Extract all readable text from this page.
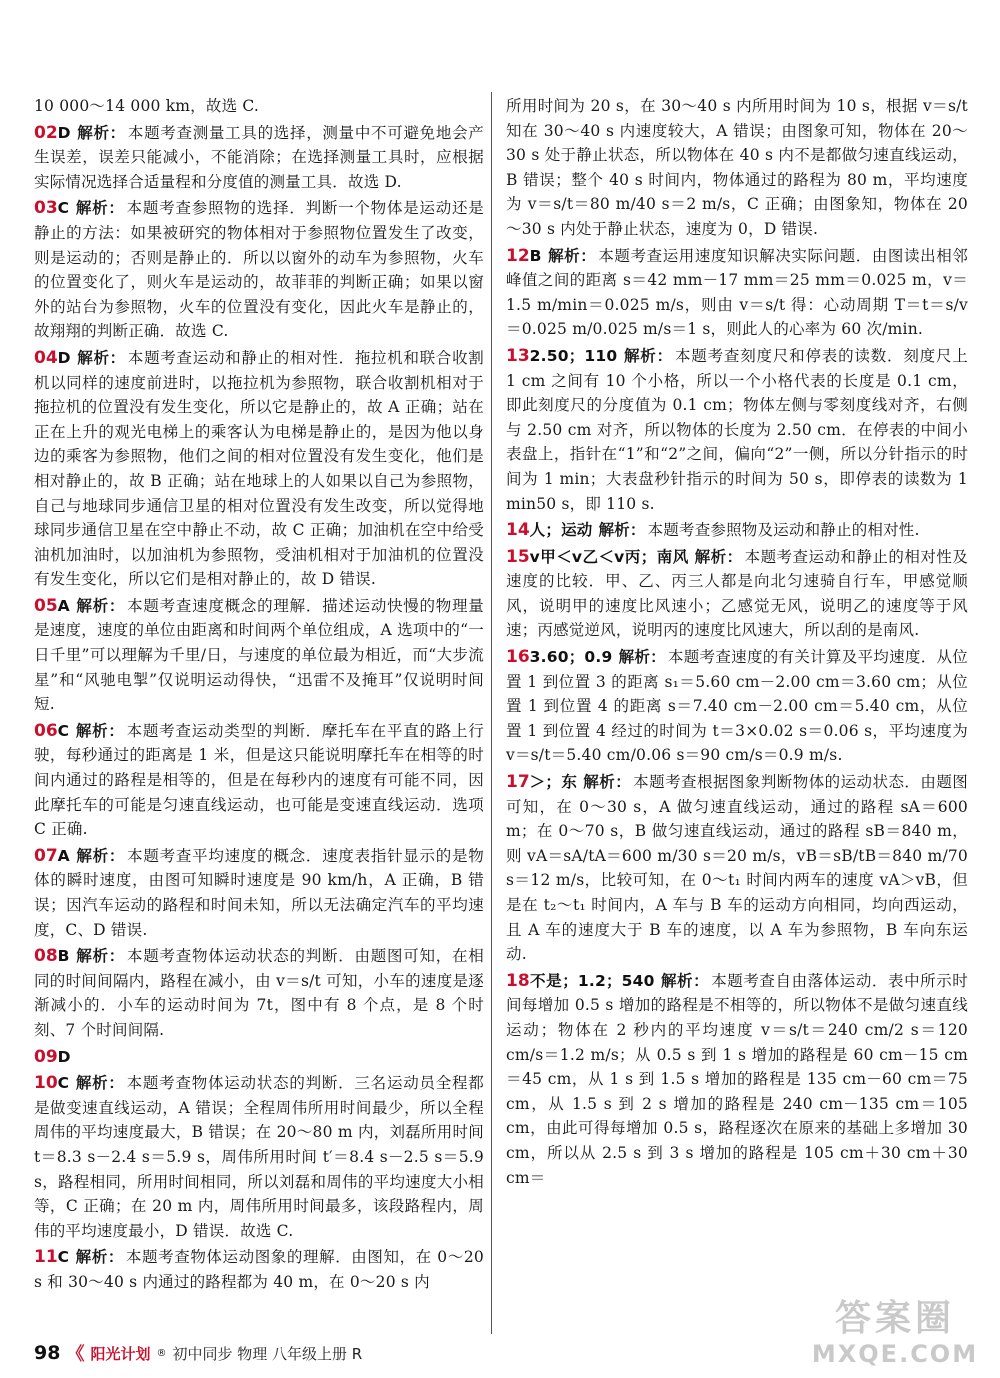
10 000～14 000 km，故选 C.
02D 解析： 本题考查测量工具的选择，测量中不可避免地会产生误差，误差只能减小，不能消除；在选择测量工具时，应根据实际情况选择合适量程和分度值的测量工具．故选 D.
03C 解析： 本题考查参照物的选择．判断一个物体是运动还是静止的方法：如果被研究的物体相对于参照物位置发生了改变，则是运动的；否则是静止的．所以以窗外的动车为参照物，火车的位置变化了，则火车是运动的，故菲菲的判断正确；如果以窗外的站台为参照物，火车的位置没有变化，因此火车是静止的，故翔翔的判断正确．故选 C.
04D 解析： 本题考查运动和静止的相对性．拖拉机和联合收割机以同样的速度前进时，以拖拉机为参照物，联合收割机相对于拖拉机的位置没有发生变化，所以它是静止的，故 A 正确；站在正在上升的观光电梯上的乘客认为电梯是静止的，是因为他以身边的乘客为参照物，他们之间的相对位置没有发生变化，他们是相对静止的，故 B 正确；站在地球上的人如果以自己为参照物，自己与地球同步通信卫星的相对位置没有发生改变，所以觉得地球同步通信卫星在空中静止不动，故 C 正确；加油机在空中给受油机加油时，以加油机为参照物，受油机相对于加油机的位置没有发生变化，所以它们是相对静止的，故 D 错误.
05A 解析： 本题考查速度概念的理解．描述运动快慢的物理量是速度，速度的单位由距离和时间两个单位组成，A 选项中的“一日千里”可以理解为千里/日，与速度的单位最为相近，而“大步流星”和“风驰电掣”仅说明运动得快，“迅雷不及掩耳”仅说明时间短.
06C 解析： 本题考查运动类型的判断．摩托车在平直的路上行驶，每秒通过的距离是 1 米，但是这只能说明摩托车在相等的时间内通过的路程是相等的，但是在每秒内的速度有可能不同，因此摩托车的可能是匀速直线运动，也可能是变速直线运动．选项 C 正确.
07A 解析： 本题考查平均速度的概念．速度表指针显示的是物体的瞬时速度，由图可知瞬时速度是 90 km/h，A 正确，B 错误；因汽车运动的路程和时间未知，所以无法确定汽车的平均速度，C、D 错误.
08B 解析： 本题考查物体运动状态的判断．由题图可知，在相同的时间间隔内，路程在减小，由 v＝s/t 可知，小车的速度是逐渐减小的．小车的运动时间为 7t，图中有 8 个点，是 8 个时刻、7 个时间间隔.
09D
10C 解析： 本题考查物体运动状态的判断．三名运动员全程都是做变速直线运动，A 错误；全程周伟所用时间最少，所以全程周伟的平均速度最大，B 错误；在 20～80 m 内，刘磊所用时间 t＝8.3 s－2.4 s＝5.9 s，周伟所用时间 t′＝8.4 s－2.5 s＝5.9 s，路程相同，所用时间相同，所以刘磊和周伟的平均速度大小相等，C 正确；在 20 m 内，周伟所用时间最多，该段路程内，周伟的平均速度最小，D 错误．故选 C.
11C 解析： 本题考查物体运动图象的理解．由图知，在 0～20 s 和 30～40 s 内通过的路程都为 40 m，在 0～20 s 内
所用时间为 20 s，在 30～40 s 内所用时间为 10 s，根据 v＝s/t 知在 30～40 s 内速度较大，A 错误；由图象可知，物体在 20～30 s 处于静止状态，所以物体在 40 s 内不是都做匀速直线运动，B 错误；整个 40 s 时间内，物体通过的路程为 80 m，平均速度为 v＝s/t＝80 m/40 s＝2 m/s，C 正确；由图象知，物体在 20～30 s 内处于静止状态，速度为 0，D 错误.
12B 解析： 本题考查运用速度知识解决实际问题．由图读出相邻峰值之间的距离 s＝42 mm－17 mm＝25 mm＝0.025 m，v＝1.5 m/min＝0.025 m/s，则由 v＝s/t 得：心动周期 T＝t＝s/v＝0.025 m/0.025 m/s＝1 s，则此人的心率为 60 次/min.
132.50；110 解析： 本题考查刻度尺和停表的读数．刻度尺上 1 cm 之间有 10 个小格，所以一个小格代表的长度是 0.1 cm，即此刻度尺的分度值为 0.1 cm；物体左侧与零刻度线对齐，右侧与 2.50 cm 对齐，所以物体的长度为 2.50 cm．在停表的中间小表盘上，指针在“1”和“2”之间，偏向“2”一侧，所以分针指示的时间为 1 min；大表盘秒针指示的时间为 50 s，即停表的读数为 1 min50 s，即 110 s.
14人；运动 解析： 本题考查参照物及运动和静止的相对性.
15v甲＜v乙＜v丙；南风 解析： 本题考查运动和静止的相对性及速度的比较．甲、乙、丙三人都是向北匀速骑自行车，甲感觉顺风，说明甲的速度比风速小；乙感觉无风，说明乙的速度等于风速；丙感觉逆风，说明丙的速度比风速大，所以刮的是南风.
163.60；0.9 解析： 本题考查速度的有关计算及平均速度．从位置 1 到位置 3 的距离 s₁＝5.60 cm－2.00 cm＝3.60 cm；从位置 1 到位置 4 的距离 s＝7.40 cm－2.00 cm＝5.40 cm，从位置 1 到位置 4 经过的时间为 t＝3×0.02 s＝0.06 s，平均速度为 v＝s/t＝5.40 cm/0.06 s＝90 cm/s＝0.9 m/s.
17＞；东 解析： 本题考查根据图象判断物体的运动状态．由题图可知，在 0～30 s，A 做匀速直线运动，通过的路程 sA＝600 m；在 0～70 s，B 做匀速直线运动，通过的路程 sB＝840 m，则 vA＝sA/tA＝600 m/30 s＝20 m/s，vB＝sB/tB＝840 m/70 s＝12 m/s，比较可知，在 0～t₁ 时间内两车的速度 vA＞vB，但是在 t₂～t₁ 时间内，A 车与 B 车的运动方向相同，均向西运动，且 A 车的速度大于 B 车的速度，以 A 车为参照物，B 车向东运动.
18不是；1.2；540 解析： 本题考查自由落体运动．表中所示时间每增加 0.5 s 增加的路程是不相等的，所以物体不是做匀速直线运动；物体在 2 秒内的平均速度 v＝s/t＝240 cm/2 s＝120 cm/s＝1.2 m/s；从 0.5 s 到 1 s 增加的路程是 60 cm－15 cm＝45 cm，从 1 s 到 1.5 s 增加的路程是 135 cm－60 cm＝75 cm，从 1.5 s 到 2 s 增加的路程是 240 cm－135 cm＝105 cm，由此可得每增加 0.5 s，路程逐次在原来的基础上多增加 30 cm，所以从 2.5 s 到 3 s 增加的路程是 105 cm＋30 cm＋30 cm＝
98 《 阳光计划 ® 初中同步 物理 八年级上册 R
答案圈
MXQE.COM
